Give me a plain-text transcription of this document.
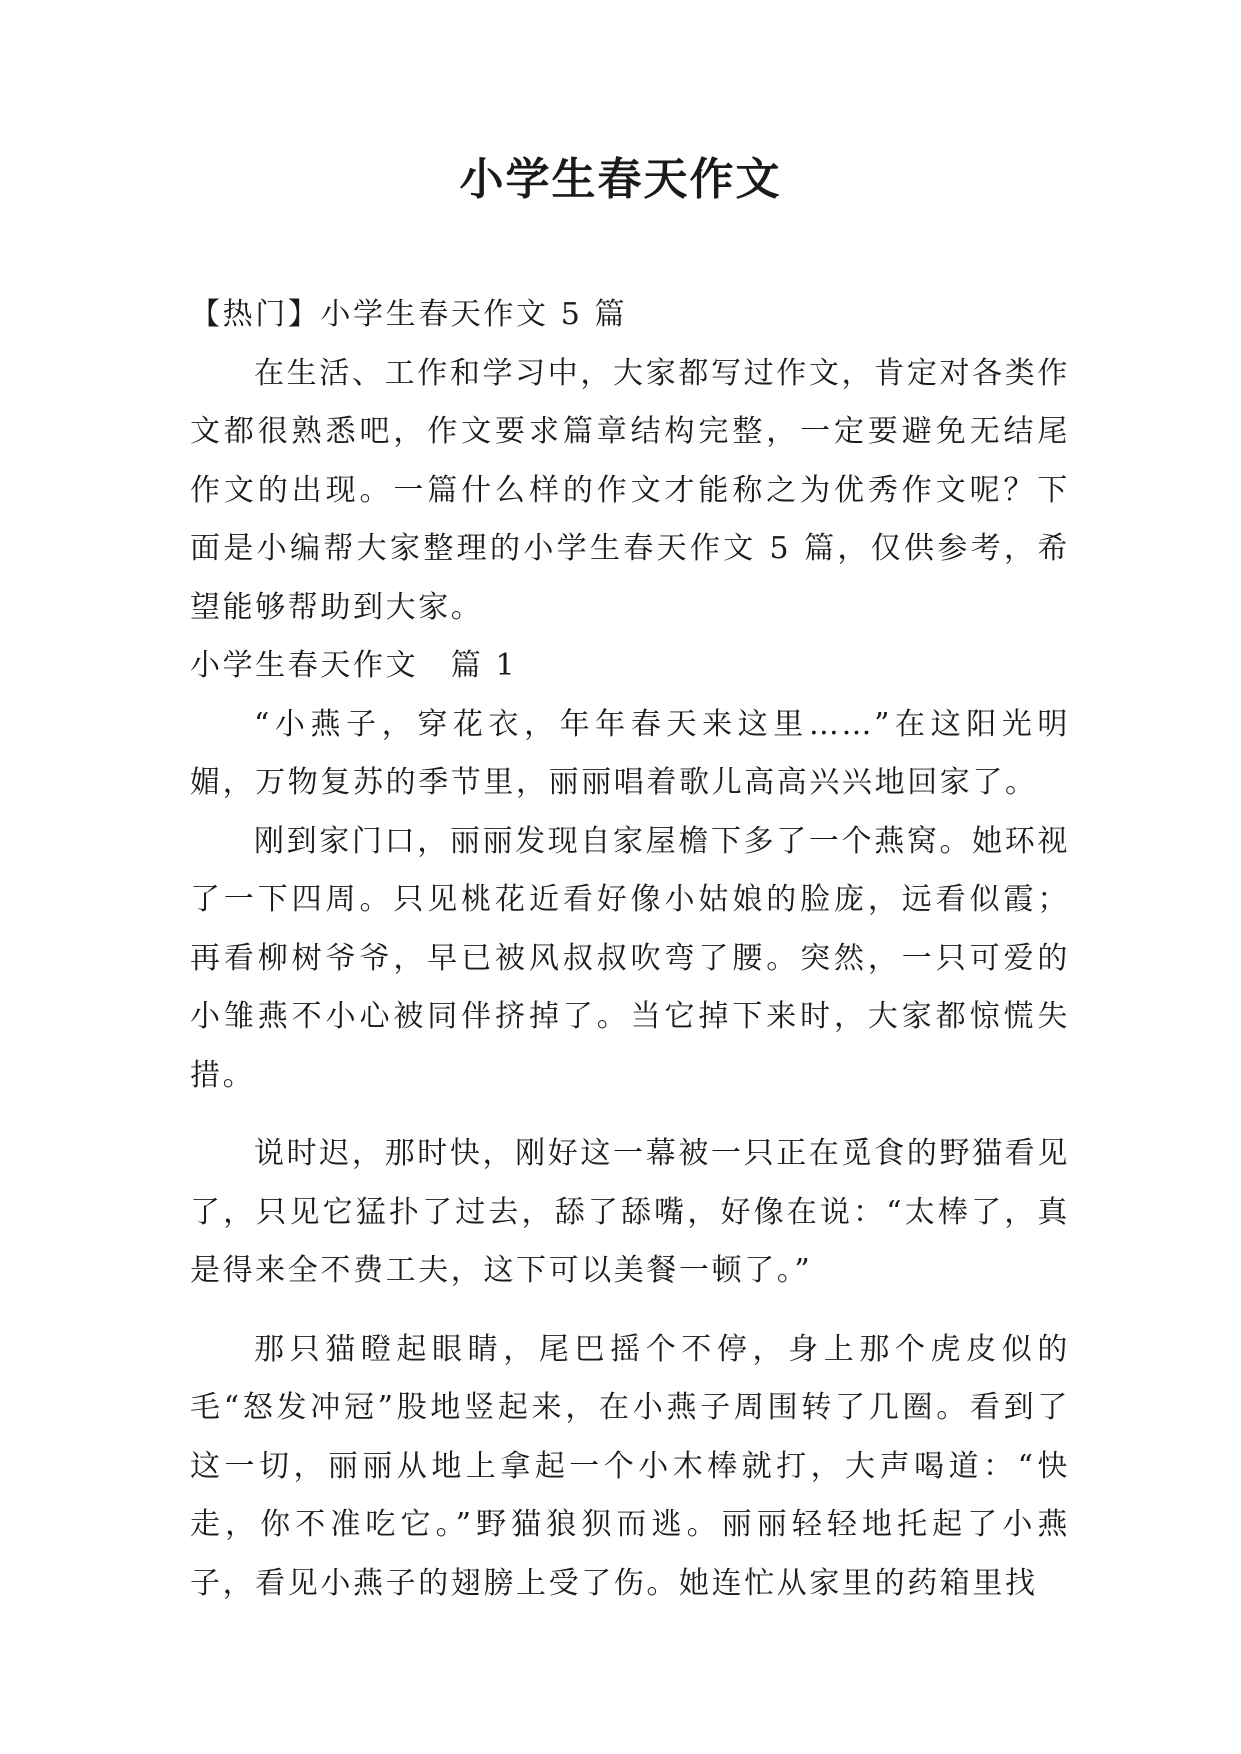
小学生春天作文

【热门】小学生春天作文 5 篇

在生活、工作和学习中，大家都写过作文，肯定对各类作文都很熟悉吧，作文要求篇章结构完整，一定要避免无结尾作文的出现。一篇什么样的作文才能称之为优秀作文呢？下面是小编帮大家整理的小学生春天作文 5 篇，仅供参考，希望能够帮助到大家。

小学生春天作文　篇 1

“小燕子，穿花衣，年年春天来这里……”在这阳光明媚，万物复苏的季节里，丽丽唱着歌儿高高兴兴地回家了。

刚到家门口，丽丽发现自家屋檐下多了一个燕窝。她环视了一下四周。只见桃花近看好像小姑娘的脸庞，远看似霞；再看柳树爷爷，早已被风叔叔吹弯了腰。突然，一只可爱的小雏燕不小心被同伴挤掉了。当它掉下来时，大家都惊慌失措。

说时迟，那时快，刚好这一幕被一只正在觅食的野猫看见了，只见它猛扑了过去，舔了舔嘴，好像在说：“太棒了，真是得来全不费工夫，这下可以美餐一顿了。”

那只猫瞪起眼睛，尾巴摇个不停，身上那个虎皮似的毛“怒发冲冠”股地竖起来，在小燕子周围转了几圈。看到了这一切，丽丽从地上拿起一个小木棒就打，大声喝道：“快走，你不准吃它。”野猫狼狈而逃。丽丽轻轻地托起了小燕子，看见小燕子的翅膀上受了伤。她连忙从家里的药箱里找
